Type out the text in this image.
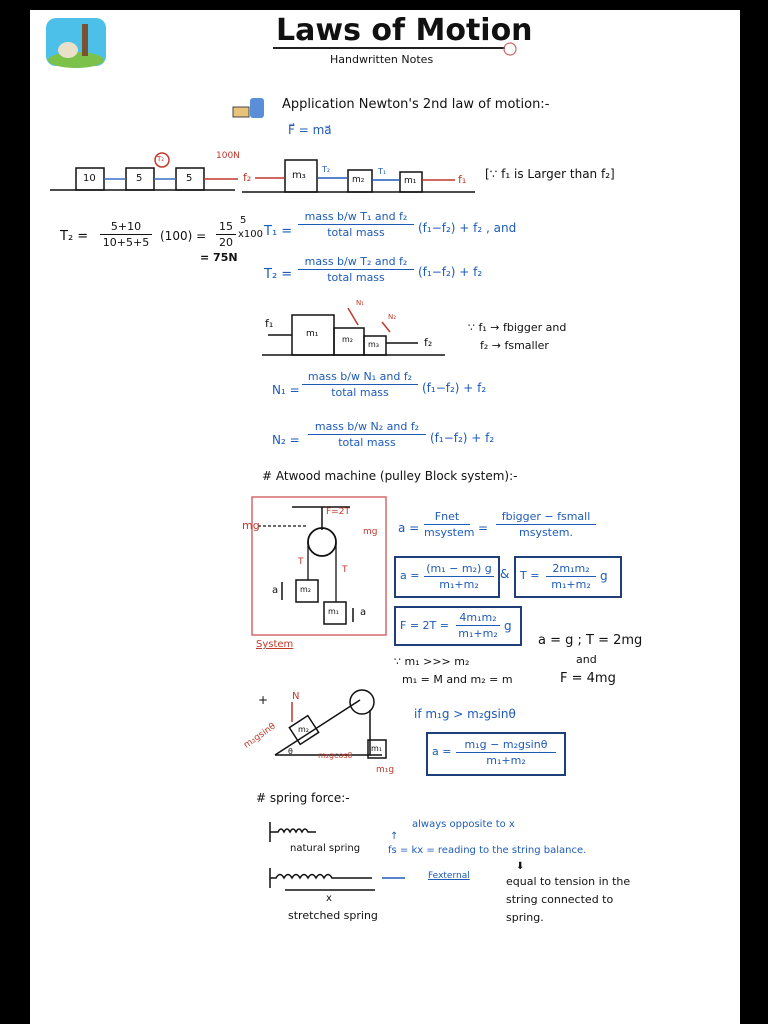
Laws of Motion
Handwritten Notes
Application Newton's 2nd law of motion:-
F⃗ = ma⃗
10	5	5
100N
T₂
f₂	m₃	m₂	m₁
T₂	T₁
f₁ [∵ f₁ is Larger than f₂]
T₂ =
5+10
10+5+5 (100) =
15
20
5
x100
= 75N
T₁ =
mass b/w T₁ and f₂
total mass	(f₁−f₂) + f₂ , and
T₂ =
mass b/w T₂ and f₂
total mass	(f₁−f₂) + f₂
f₁
m₁
m₂
m₃	f₂
N₁
N₂
∵ f₁ → fbigger and
f₂ → fsmaller
N₁ =
mass b/w N₁ and f₂
total mass	(f₁−f₂) + f₂
N₂ =
mass b/w N₂ and f₂
total mass	(f₁−f₂) + f₂
# Atwood machine (pulley Block system):-
F=2T
mg	mg
T
T
m₂
m₁
a
a
System
a =
Fnet
msystem =
fbigger − fsmall
msystem.
a =
(m₁ − m₂) g
m₁+m₂
& T =
2m₁m₂
m₁+m₂
g
F = 2T =
4m₁m₂
m₁+m₂
g
∵ m₁ >>> m₂
m₁ = M and m₂ = m
a = g ; T = 2mg
and
F = 4mg
+ N
m₂
m₂gsinθ
m₂gcosθ
θ	m₁
m₁g
if m₁g > m₂gsinθ
a =
m₁g − m₂gsinθ
m₁+m₂
# spring force:-
natural spring
stretched spring
x
Fexternal
always opposite to x
↑
fs = kx = reading to the string balance.
⬇
equal to tension in the
string connected to
spring.
